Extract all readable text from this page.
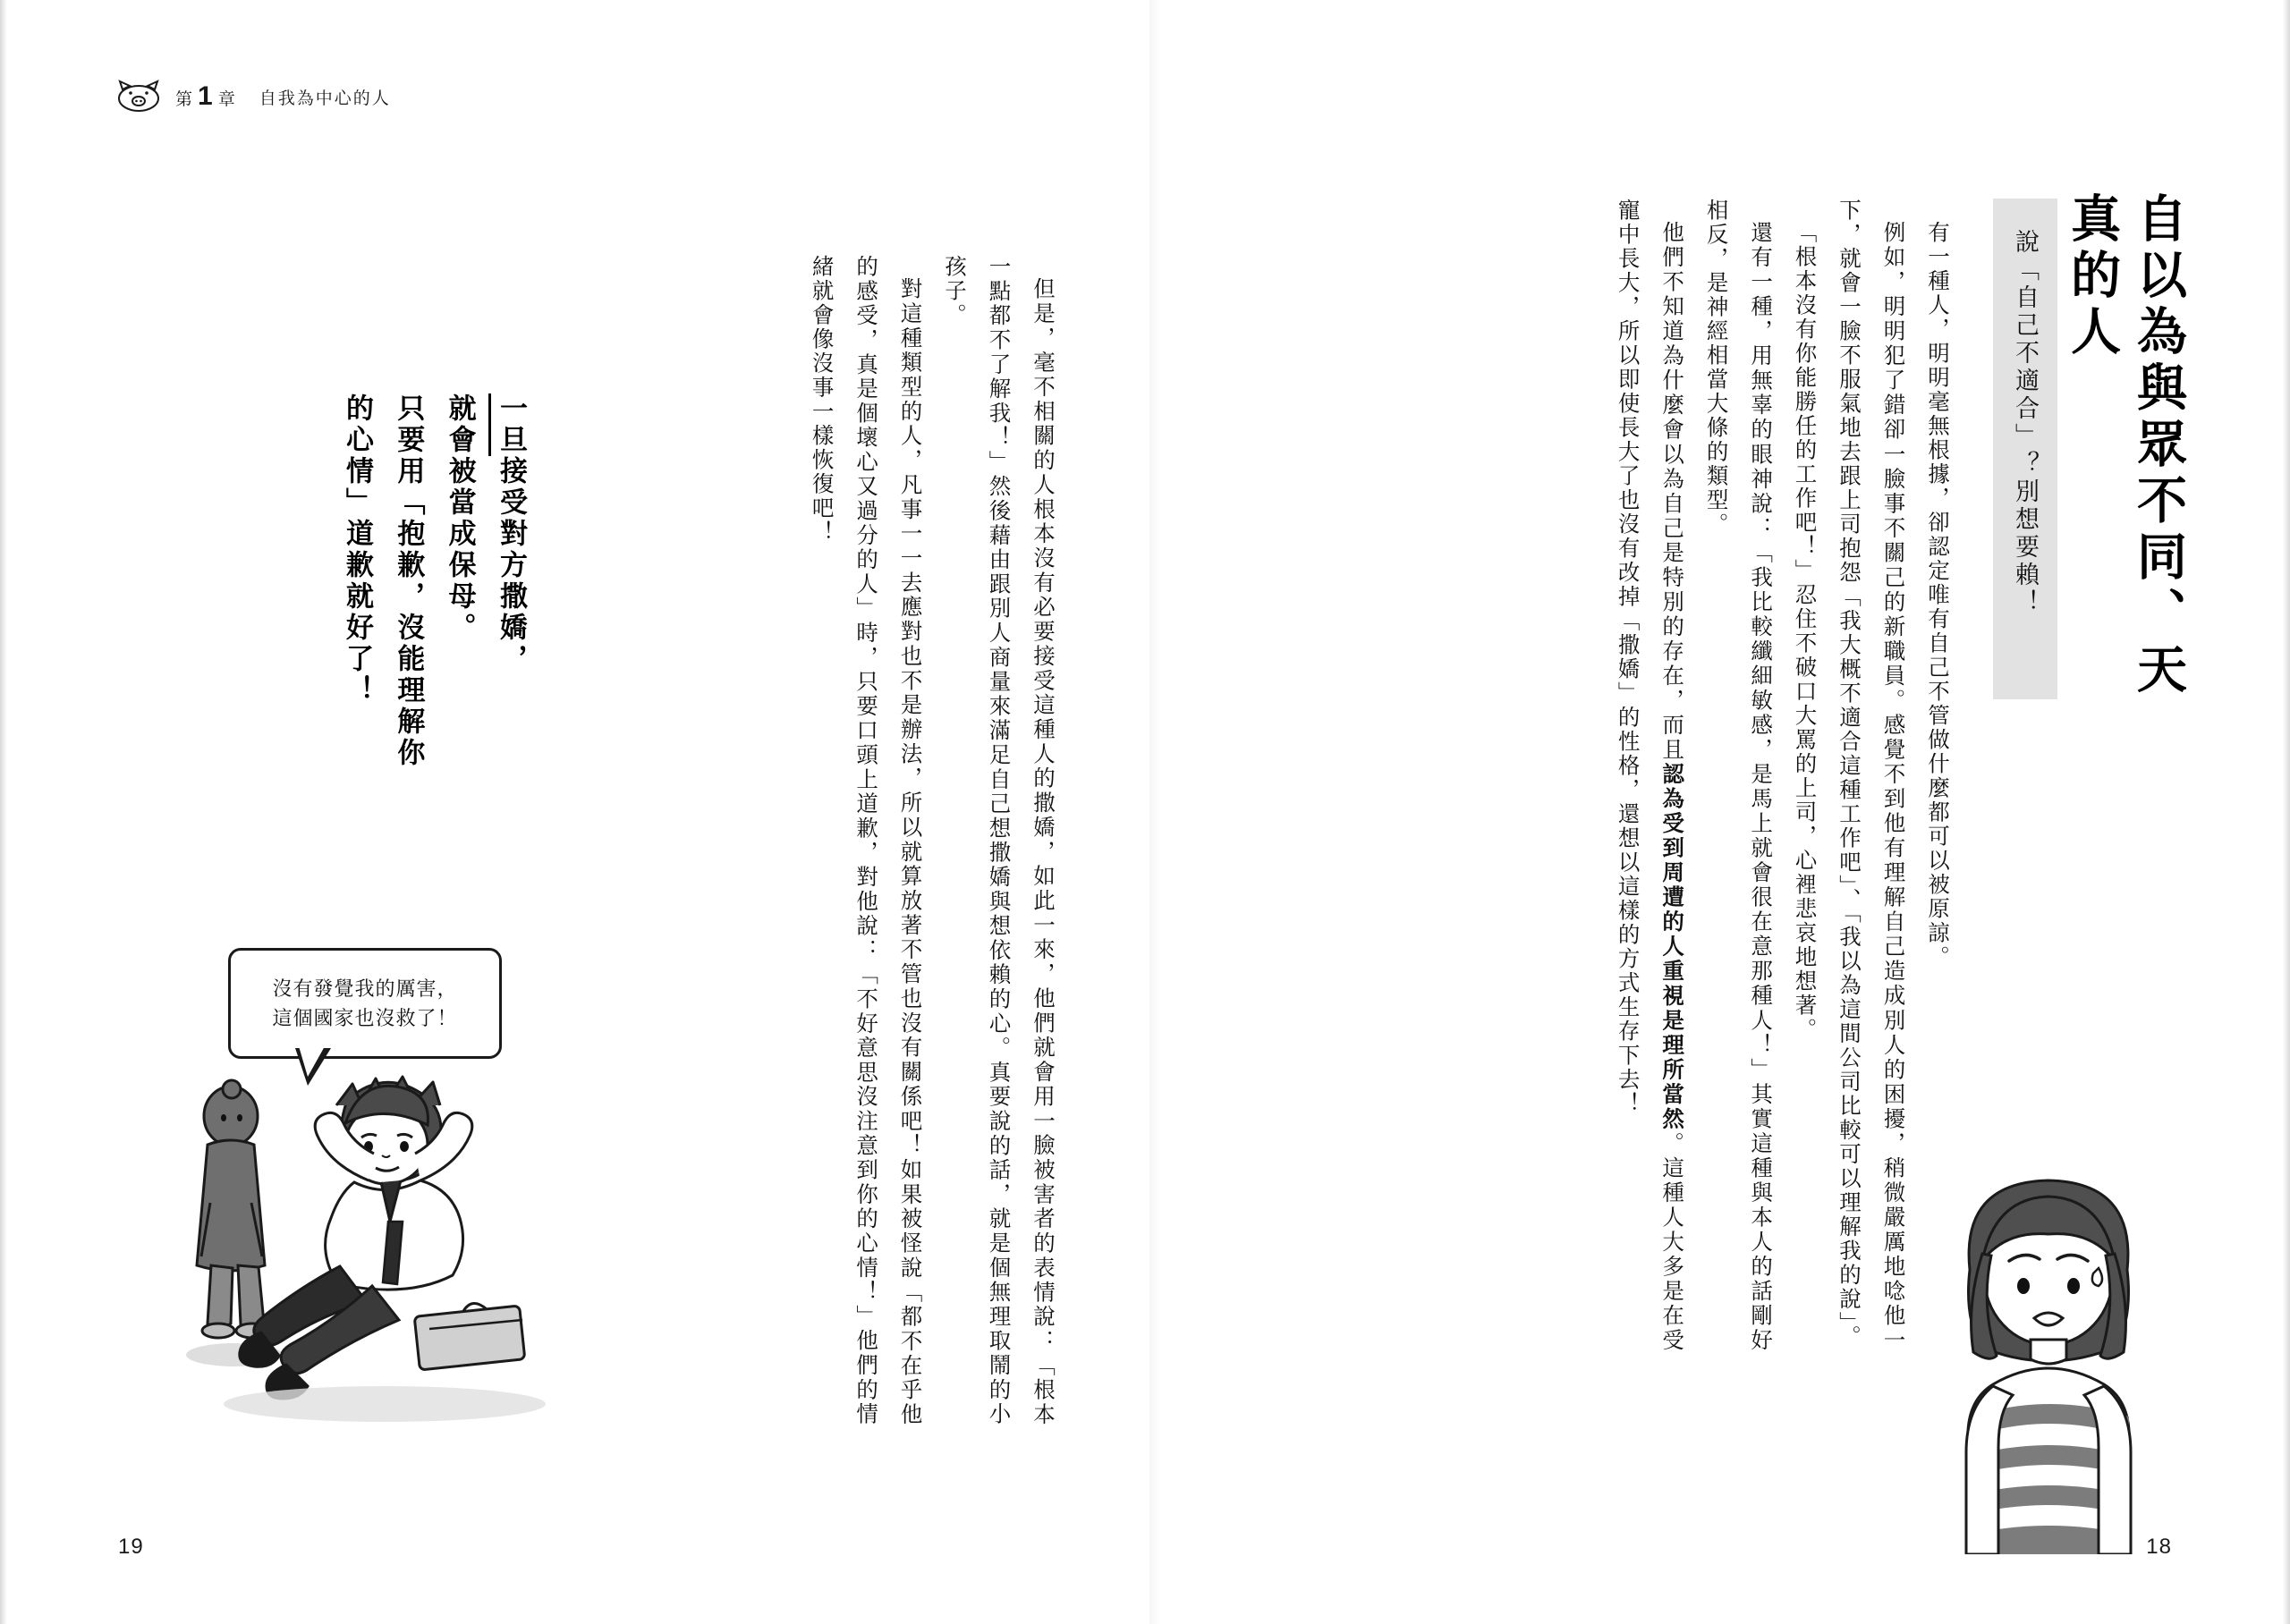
第 1 章 自我為中心的人

但是，毫不相關的人根本沒有必要接受這種人的撒嬌，如此一來，他們就會用一臉被害者的表情說：「根本一點都不了解我！」然後藉由跟別人商量來滿足自己想撒嬌與想依賴的心。真要說的話，就是個無理取鬧的小孩子。

對這種類型的人，凡事一一去應對也不是辦法，所以就算放著不管也沒有關係吧！如果被怪說「都不在乎他的感受，真是個壞心又過分的人」時，只要口頭上道歉，對他說：「不好意思沒注意到你的心情！」他們的情緒就會像沒事一樣恢復吧！

一旦接受對方撒嬌，
就會被當成保母。
只要用「抱歉，沒能理解你
的心情」道歉就好了！
沒有發覺我的厲害，
這個國家也沒救了！
19
自以為與眾不同、天真的人
說「自己不適合」？別想要賴！

有一種人，明明毫無根據，卻認定唯有自己不管做什麼都可以被原諒。

例如，明明犯了錯卻一臉事不關己的新職員。感覺不到他有理解自己造成別人的困擾，稍微嚴厲地唸他一下，就會一臉不服氣地去跟上司抱怨「我大概不適合這種工作吧」、「我以為這間公司比較可以理解我的說」。

「根本沒有你能勝任的工作吧！」忍住不破口大罵的上司，心裡悲哀地想著。

還有一種，用無辜的眼神說：「我比較纖細敏感，是馬上就會很在意那種人！」其實這種與本人的話剛好相反，是神經相當大條的類型。

他們不知道為什麼會以為自己是特別的存在，而且認為受到周遭的人重視是理所當然。這種人大多是在受寵中長大，所以即使長大了也沒有改掉「撒嬌」的性格，還想以這樣的方式生存下去！

18
